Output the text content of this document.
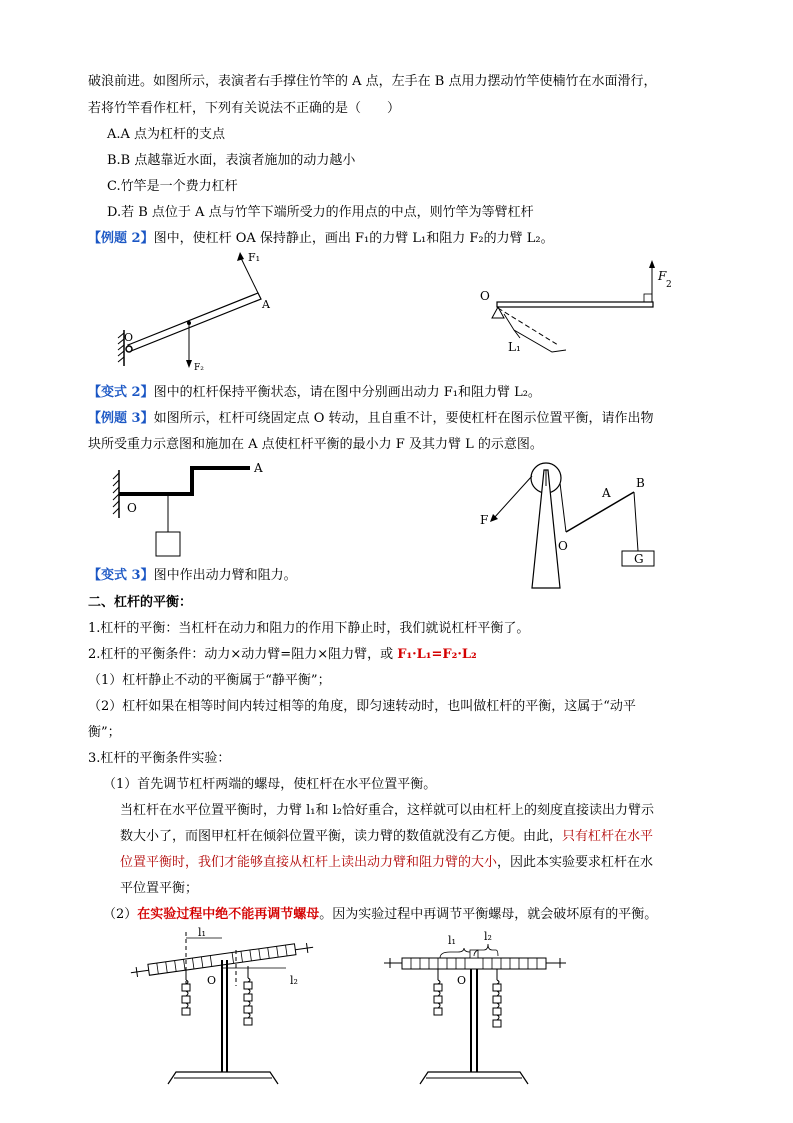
破浪前进。如图所示，表演者右手撑住竹竿的 A 点，左手在 B 点用力摆动竹竿使楠竹在水面滑行，
若将竹竿看作杠杆，下列有关说法不正确的是（　　）
A.A 点为杠杆的支点
B.B 点越靠近水面，表演者施加的动力越小
C.竹竿是一个费力杠杆
D.若 B 点位于 A 点与竹竿下端所受力的作用点的中点，则竹竿为等臂杠杆
【例题 2】图中，使杠杆 OA 保持静止，画出 F₁的力臂 L₁和阻力 F₂的力臂 L₂。
F₁
A
O
F₂
O
F
2
L₁
【变式 2】图中的杠杆保持平衡状态，请在图中分别画出动力 F₁和阻力臂 L₂。
【例题 3】如图所示，杠杆可绕固定点 O 转动，且自重不计，要使杠杆在图示位置平衡，请作出物
块所受重力示意图和施加在 A 点使杠杆平衡的最小力 F 及其力臂 L 的示意图。
A
O
A
B
F
O
G
【变式 3】图中作出动力臂和阻力。
二、杠杆的平衡：
1.杠杆的平衡：当杠杆在动力和阻力的作用下静止时，我们就说杠杆平衡了。
2.杠杆的平衡条件：动力×动力臂=阻力×阻力臂，或 F₁·L₁=F₂·L₂
（1）杠杆静止不动的平衡属于“静平衡”；
（2）杠杆如果在相等时间内转过相等的角度，即匀速转动时，也叫做杠杆的平衡，这属于“动平
衡”；
3.杠杆的平衡条件实验：
（1）首先调节杠杆两端的螺母，使杠杆在水平位置平衡。
当杠杆在水平位置平衡时，力臂 l₁和 l₂恰好重合，这样就可以由杠杆上的刻度直接读出力臂示
数大小了，而图甲杠杆在倾斜位置平衡，读力臂的数值就没有乙方便。由此，只有杠杆在水平
位置平衡时，我们才能够直接从杠杆上读出动力臂和阻力臂的大小，因此本实验要求杠杆在水
平位置平衡；
（2）在实验过程中绝不能再调节螺母。因为实验过程中再调节平衡螺母，就会破坏原有的平衡。
l₁
l₂
O
l₁	l₂
O
